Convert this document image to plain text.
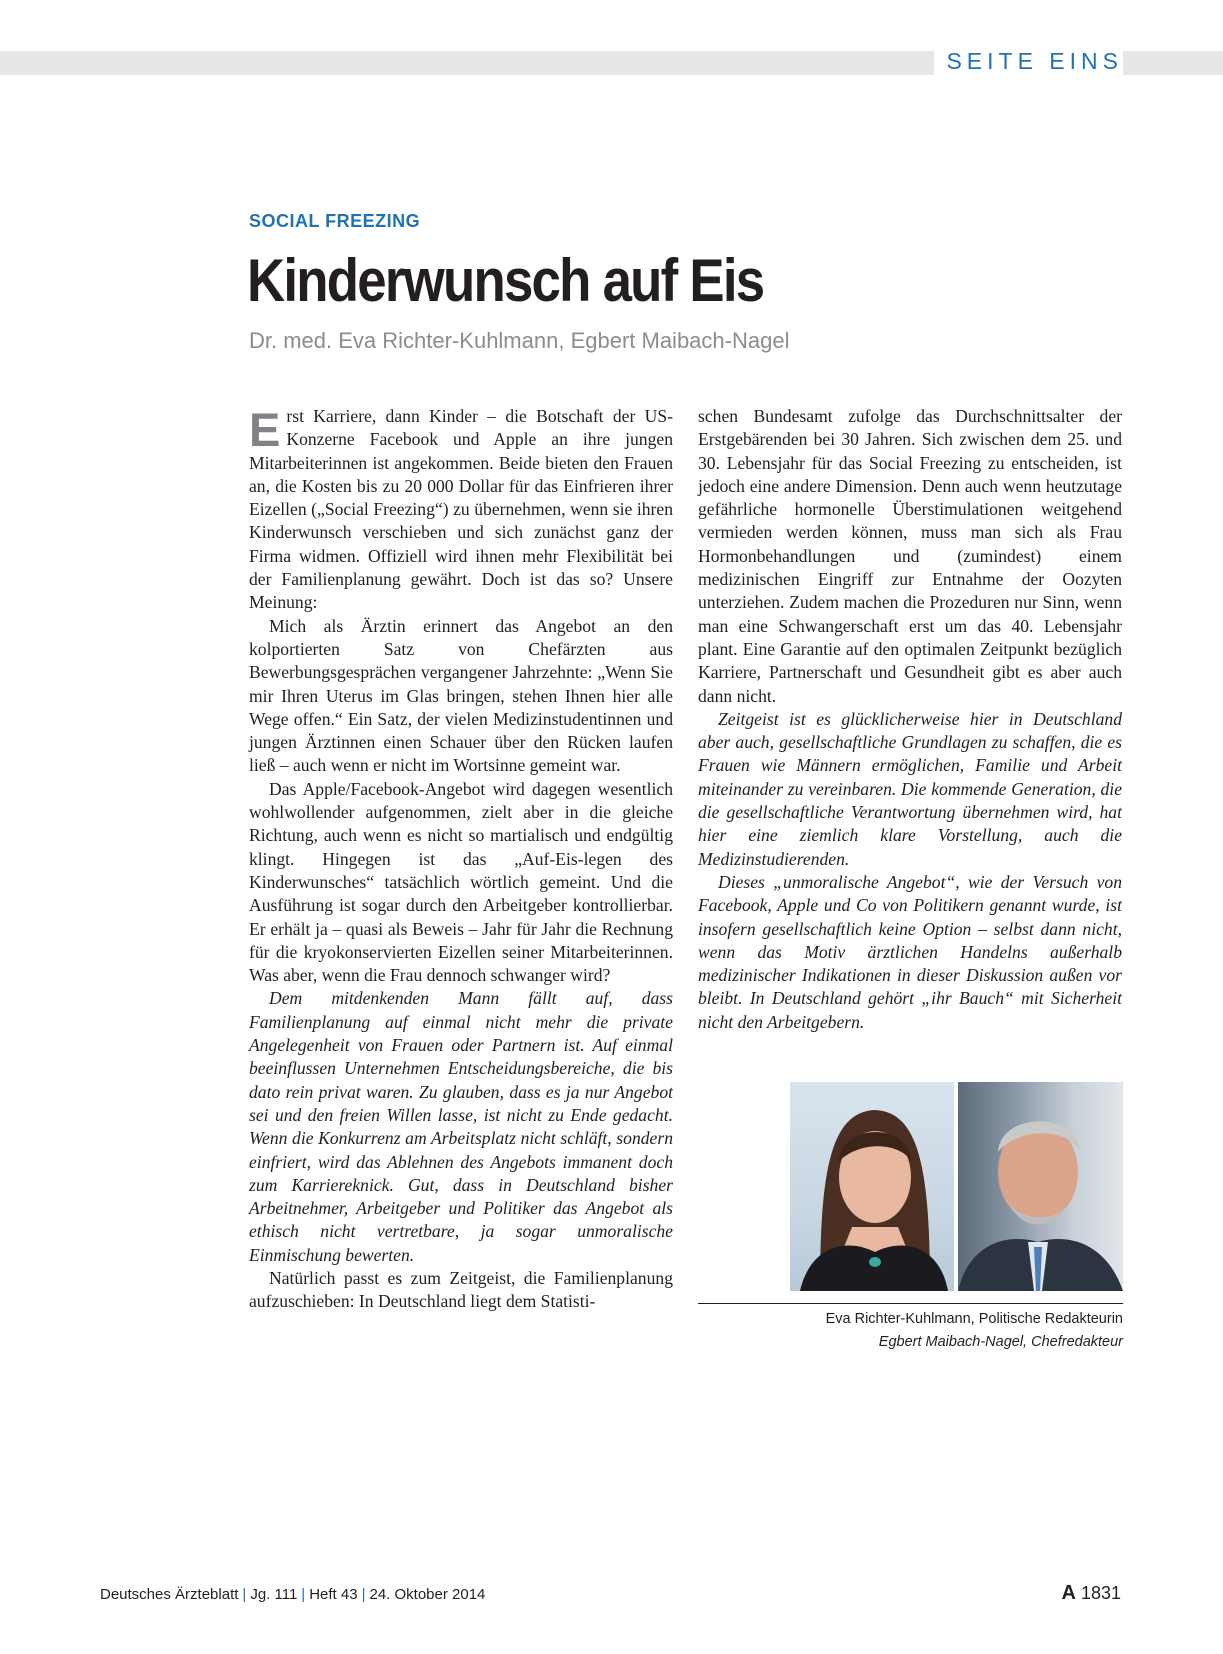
SEITE EINS
SOCIAL FREEZING
Kinderwunsch auf Eis
Dr. med. Eva Richter-Kuhlmann, Egbert Maibach-Nagel

Erst Karriere, dann Kinder – die Botschaft der US-Konzerne Facebook und Apple an ihre jungen Mitarbeiterinnen ist angekommen. Beide bieten den Frauen an, die Kosten bis zu 20 000 Dollar für das Einfrieren ihrer Eizellen („Social Freezing“) zu übernehmen, wenn sie ihren Kinderwunsch verschieben und sich zunächst ganz der Firma widmen. Offiziell wird ihnen mehr Flexibilität bei der Familienplanung gewährt. Doch ist das so? Unsere Meinung:

Mich als Ärztin erinnert das Angebot an den kolportierten Satz von Chefärzten aus Bewerbungsgesprächen vergangener Jahrzehnte: „Wenn Sie mir Ihren Uterus im Glas bringen, stehen Ihnen hier alle Wege offen.“ Ein Satz, der vielen Medizinstudentinnen und jungen Ärztinnen einen Schauer über den Rücken laufen ließ – auch wenn er nicht im Wortsinne gemeint war.

Das Apple/Facebook-Angebot wird dagegen wesentlich wohlwollender aufgenommen, zielt aber in die gleiche Richtung, auch wenn es nicht so martialisch und endgültig klingt. Hingegen ist das „Auf-Eis-legen des Kinderwunsches“ tatsächlich wörtlich gemeint. Und die Ausführung ist sogar durch den Arbeitgeber kontrollierbar. Er erhält ja – quasi als Beweis – Jahr für Jahr die Rechnung für die kryokonservierten Eizellen seiner Mitarbeiterinnen. Was aber, wenn die Frau dennoch schwanger wird?

Dem mitdenkenden Mann fällt auf, dass Familienplanung auf einmal nicht mehr die private Angelegenheit von Frauen oder Partnern ist. Auf einmal beeinflussen Unternehmen Entscheidungsbereiche, die bis dato rein privat waren. Zu glauben, dass es ja nur Angebot sei und den freien Willen lasse, ist nicht zu Ende gedacht. Wenn die Konkurrenz am Arbeitsplatz nicht schläft, sondern einfriert, wird das Ablehnen des Angebots immanent doch zum Karriereknick. Gut, dass in Deutschland bisher Arbeitnehmer, Arbeitgeber und Politiker das Angebot als ethisch nicht vertretbare, ja sogar unmoralische Einmischung bewerten.

Natürlich passt es zum Zeitgeist, die Familienplanung aufzuschieben: In Deutschland liegt dem Statisti-

schen Bundesamt zufolge das Durchschnittsalter der Erstgebärenden bei 30 Jahren. Sich zwischen dem 25. und 30. Lebensjahr für das Social Freezing zu entscheiden, ist jedoch eine andere Dimension. Denn auch wenn heutzutage gefährliche hormonelle Überstimulationen weitgehend vermieden werden können, muss man sich als Frau Hormonbehandlungen und (zumindest) einem medizinischen Eingriff zur Entnahme der Oozyten unterziehen. Zudem machen die Prozeduren nur Sinn, wenn man eine Schwangerschaft erst um das 40. Lebensjahr plant. Eine Garantie auf den optimalen Zeitpunkt bezüglich Karriere, Partnerschaft und Gesundheit gibt es aber auch dann nicht.

Zeitgeist ist es glücklicherweise hier in Deutschland aber auch, gesellschaftliche Grundlagen zu schaffen, die es Frauen wie Männern ermöglichen, Familie und Arbeit miteinander zu vereinbaren. Die kommende Generation, die die gesellschaftliche Verantwortung übernehmen wird, hat hier eine ziemlich klare Vorstellung, auch die Medizinstudierenden.

Dieses „unmoralische Angebot“, wie der Versuch von Facebook, Apple und Co von Politikern genannt wurde, ist insofern gesellschaftlich keine Option – selbst dann nicht, wenn das Motiv ärztlichen Handelns außerhalb medizinischer Indikationen in dieser Diskussion außen vor bleibt. In Deutschland gehört „ihr Bauch“ mit Sicherheit nicht den Arbeitgebern.

Eva Richter-Kuhlmann, Politische Redakteurin
Egbert Maibach-Nagel, Chefredakteur
Deutsches Ärzteblatt | Jg. 111 | Heft 43 | 24. Oktober 2014	A 1831
